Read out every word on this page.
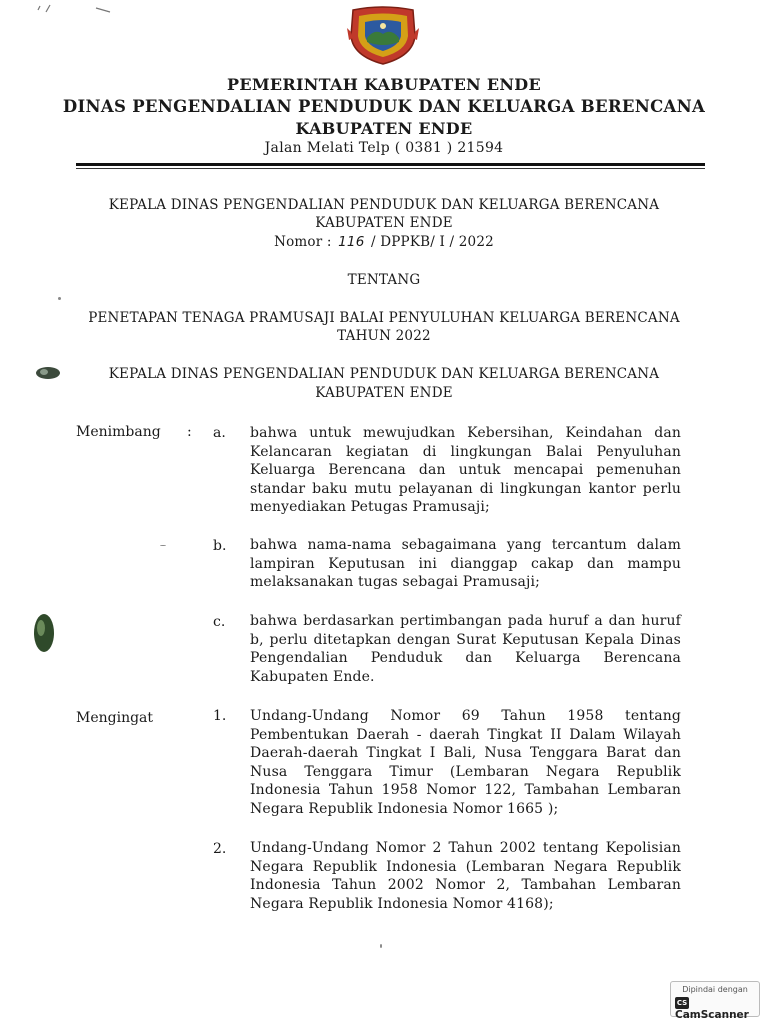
PEMERINTAH KABUPATEN ENDE
DINAS PENGENDALIAN PENDUDUK DAN KELUARGA BERENCANA
KABUPATEN ENDE
Jalan Melati Telp ( 0381 ) 21594
KEPALA DINAS PENGENDALIAN PENDUDUK DAN KELUARGA BERENCANA
KABUPATEN ENDE
Nomor : 116 / DPPKB/ I / 2022
TENTANG
PENETAPAN TENAGA PRAMUSAJI BALAI PENYULUHAN KELUARGA BERENCANA
TAHUN 2022
KEPALA DINAS PENGENDALIAN PENDUDUK DAN KELUARGA BERENCANA
KABUPATEN ENDE
Menimbang : a. bahwa untuk mewujudkan Kebersihan, Keindahan dan Kelancaran kegiatan di lingkungan Balai Penyuluhan Keluarga Berencana dan untuk mencapai pemenuhan standar baku mutu pelayanan di lingkungan kantor perlu menyediakan Petugas Pramusaji;
b. bahwa nama-nama sebagaimana yang tercantum dalam lampiran Keputusan ini dianggap cakap dan mampu melaksanakan tugas sebagai Pramusaji;
c. bahwa berdasarkan pertimbangan pada huruf a dan huruf b, perlu ditetapkan dengan Surat Keputusan Kepala Dinas Pengendalian Penduduk dan Keluarga Berencana Kabupaten Ende.
Mengingat	1. Undang-Undang Nomor 69 Tahun 1958 tentang Pembentukan Daerah - daerah Tingkat II Dalam Wilayah Daerah-daerah Tingkat I Bali, Nusa Tenggara Barat dan Nusa Tenggara Timur (Lembaran Negara Republik Indonesia Tahun 1958 Nomor 122, Tambahan Lembaran Negara Republik Indonesia Nomor 1665 );
2. Undang-Undang Nomor 2 Tahun 2002 tentang Kepolisian Negara Republik Indonesia (Lembaran Negara Republik Indonesia Tahun 2002 Nomor 2, Tambahan Lembaran Negara Republik Indonesia Nomor 4168);
Dipindai dengan
CSCamScanner
